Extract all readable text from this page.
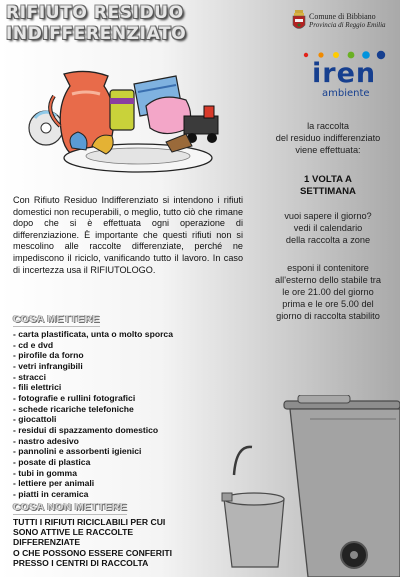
RIFIUTO RESIDUO
INDIFFERENZIATO
Comune di Bibbiano
Provincia di Reggio Emilia
iren
ambiente
Con Rifiuto Residuo Indifferenziato si intendono i rifiuti domestici non recuperabili, o meglio, tutto ciò che rimane dopo che si è effettuata ogni operazione di differenziazione. È importante che questi rifiuti non si mescolino alle raccolte differenziate, perché ne impediscono il riciclo, vanificando tutto il lavoro. In caso di incertezza usa il RIFIUTOLOGO.
COSA METTERE
- carta plastificata, unta o molto sporca
- cd e dvd
- pirofile da forno
- vetri infrangibili
- stracci
- fili elettrici
- fotografie e rullini fotografici
- schede ricariche telefoniche
- giocattoli
- residui di spazzamento domestico
- nastro adesivo
- pannolini e assorbenti igienici
- posate di plastica
- tubi in gomma
- lettiere per animali
- piatti in ceramica
COSA NON METTERE
TUTTI I RIFIUTI RICICLABILI PER CUI
SONO ATTIVE LE RACCOLTE
DIFFERENZIATE
O CHE POSSONO ESSERE CONFERITI
PRESSO I CENTRI DI RACCOLTA
la raccolta
del residuo indifferenziato
viene effettuata:
1 VOLTA A
SETTIMANA
vuoi sapere il giorno?
vedi il calendario
della raccolta a zone
esponi il contenitore
all'esterno dello stabile tra
le ore 21.00 del giorno
prima e le ore 5.00 del
giorno di raccolta stabilito
